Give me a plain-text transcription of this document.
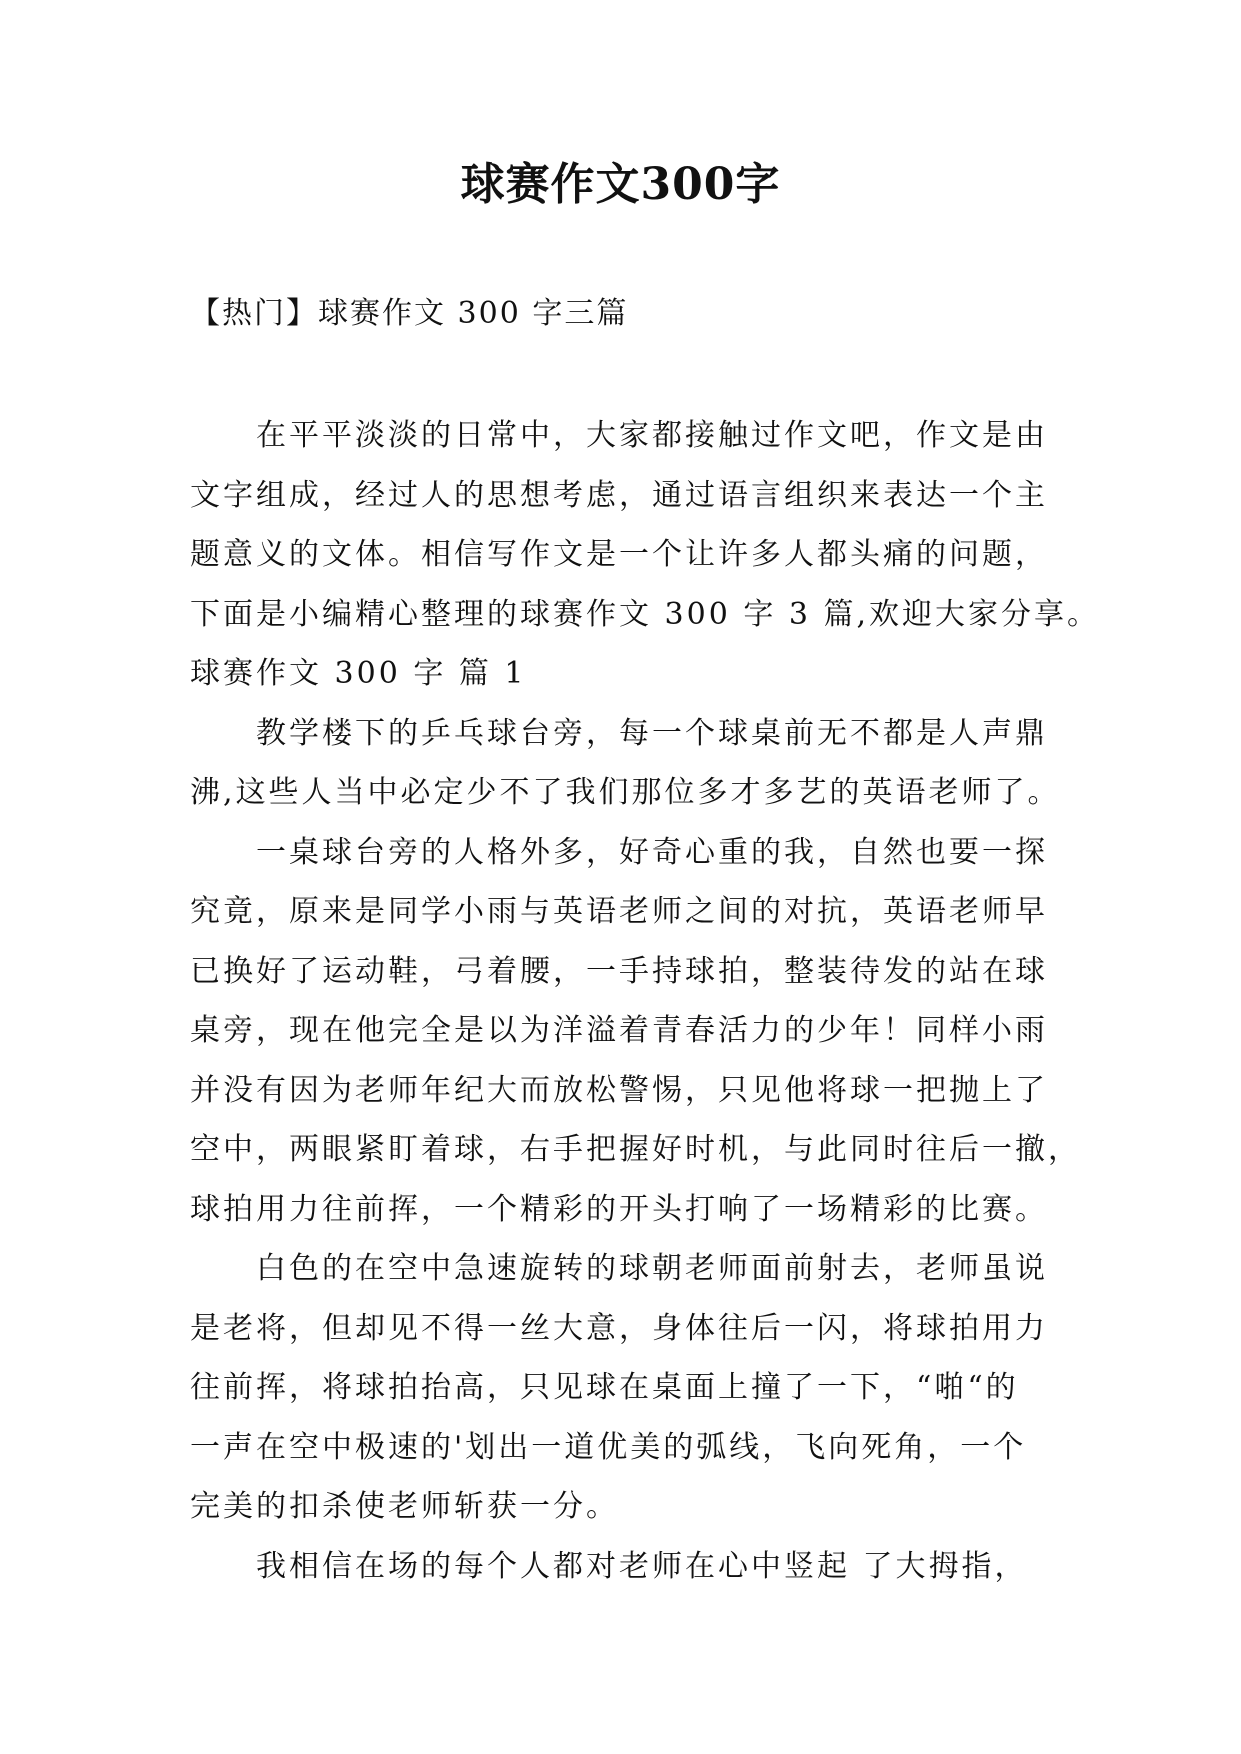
球赛作文300字
【热门】球赛作文 300 字三篇
在平平淡淡的日常中，大家都接触过作文吧，作文是由
文字组成，经过人的思想考虑，通过语言组织来表达一个主
题意义的文体。相信写作文是一个让许多人都头痛的问题，
下面是小编精心整理的球赛作文 300 字 3 篇,欢迎大家分享。
球赛作文 300 字 篇 1
教学楼下的乒乓球台旁，每一个球桌前无不都是人声鼎
沸,这些人当中必定少不了我们那位多才多艺的英语老师了。
一桌球台旁的人格外多，好奇心重的我，自然也要一探
究竟，原来是同学小雨与英语老师之间的对抗，英语老师早
已换好了运动鞋，弓着腰，一手持球拍，整装待发的站在球
桌旁，现在他完全是以为洋溢着青春活力的少年！同样小雨
并没有因为老师年纪大而放松警惕，只见他将球一把抛上了
空中，两眼紧盯着球，右手把握好时机，与此同时往后一撤，
球拍用力往前挥，一个精彩的开头打响了一场精彩的比赛。
白色的在空中急速旋转的球朝老师面前射去，老师虽说
是老将，但却见不得一丝大意，身体往后一闪，将球拍用力
往前挥，将球拍抬高，只见球在桌面上撞了一下，“啪“的
一声在空中极速的'划出一道优美的弧线，飞向死角，一个
完美的扣杀使老师斩获一分。
我相信在场的每个人都对老师在心中竖起 了大拇指，
